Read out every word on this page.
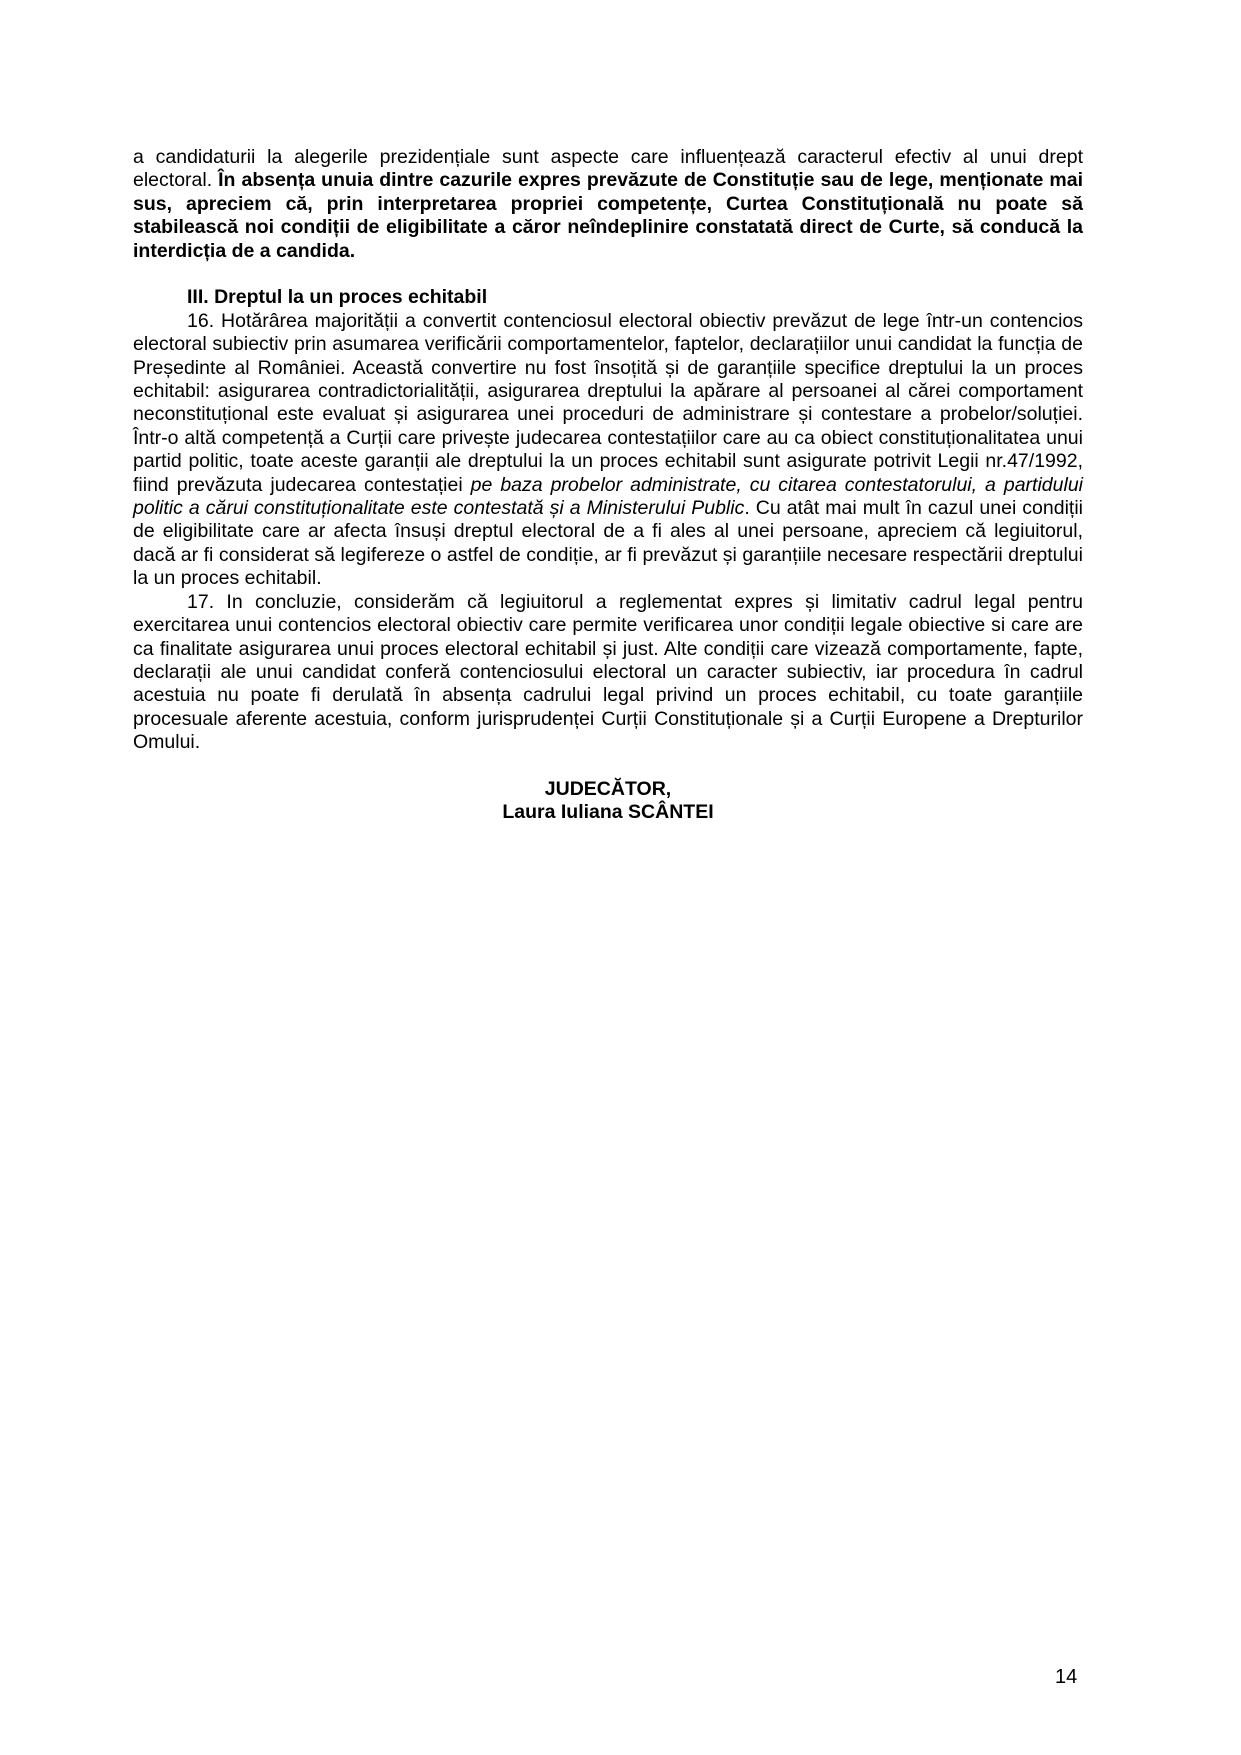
a candidaturii la alegerile prezidențiale sunt aspecte care influențează caracterul efectiv al unui drept electoral. În absența unuia dintre cazurile expres prevăzute de Constituție sau de lege, menționate mai sus, apreciem că, prin interpretarea propriei competențe, Curtea Constituțională nu poate să stabilească noi condiții de eligibilitate a căror neîndeplinire constatată direct de Curte, să conducă la interdicția de a candida.

III. Dreptul la un proces echitabil

16. Hotărârea majorității a convertit contenciosul electoral obiectiv prevăzut de lege într-un contencios electoral subiectiv prin asumarea verificării comportamentelor, faptelor, declarațiilor unui candidat la funcția de Președinte al României. Această convertire nu fost însoțită și de garanțiile specifice dreptului la un proces echitabil: asigurarea contradictorialității, asigurarea dreptului la apărare al persoanei al cărei comportament neconstituțional este evaluat și asigurarea unei proceduri de administrare și contestare a probelor/soluției. Într-o altă competență a Curții care privește judecarea contestațiilor care au ca obiect constituționalitatea unui partid politic, toate aceste garanții ale dreptului la un proces echitabil sunt asigurate potrivit Legii nr.47/1992, fiind prevăzuta judecarea contestației pe baza probelor administrate, cu citarea contestatorului, a partidului politic a cărui constituționalitate este contestată și a Ministerului Public. Cu atât mai mult în cazul unei condiții de eligibilitate care ar afecta însuși dreptul electoral de a fi ales al unei persoane, apreciem că legiuitorul, dacă ar fi considerat să legifereze o astfel de condiție, ar fi prevăzut și garanțiile necesare respectării dreptului la un proces echitabil.

17. In concluzie, considerăm că legiuitorul a reglementat expres și limitativ cadrul legal pentru exercitarea unui contencios electoral obiectiv care permite verificarea unor condiții legale obiective si care are ca finalitate asigurarea unui proces electoral echitabil și just. Alte condiții care vizează comportamente, fapte, declarații ale unui candidat conferă contenciosului electoral un caracter subiectiv, iar procedura în cadrul acestuia nu poate fi derulată în absența cadrului legal privind un proces echitabil, cu toate garanțiile procesuale aferente acestuia, conform jurisprudenței Curții Constituționale și a Curții Europene a Drepturilor Omului.

JUDECĂTOR,
Laura Iuliana SCÂNTEI
14
